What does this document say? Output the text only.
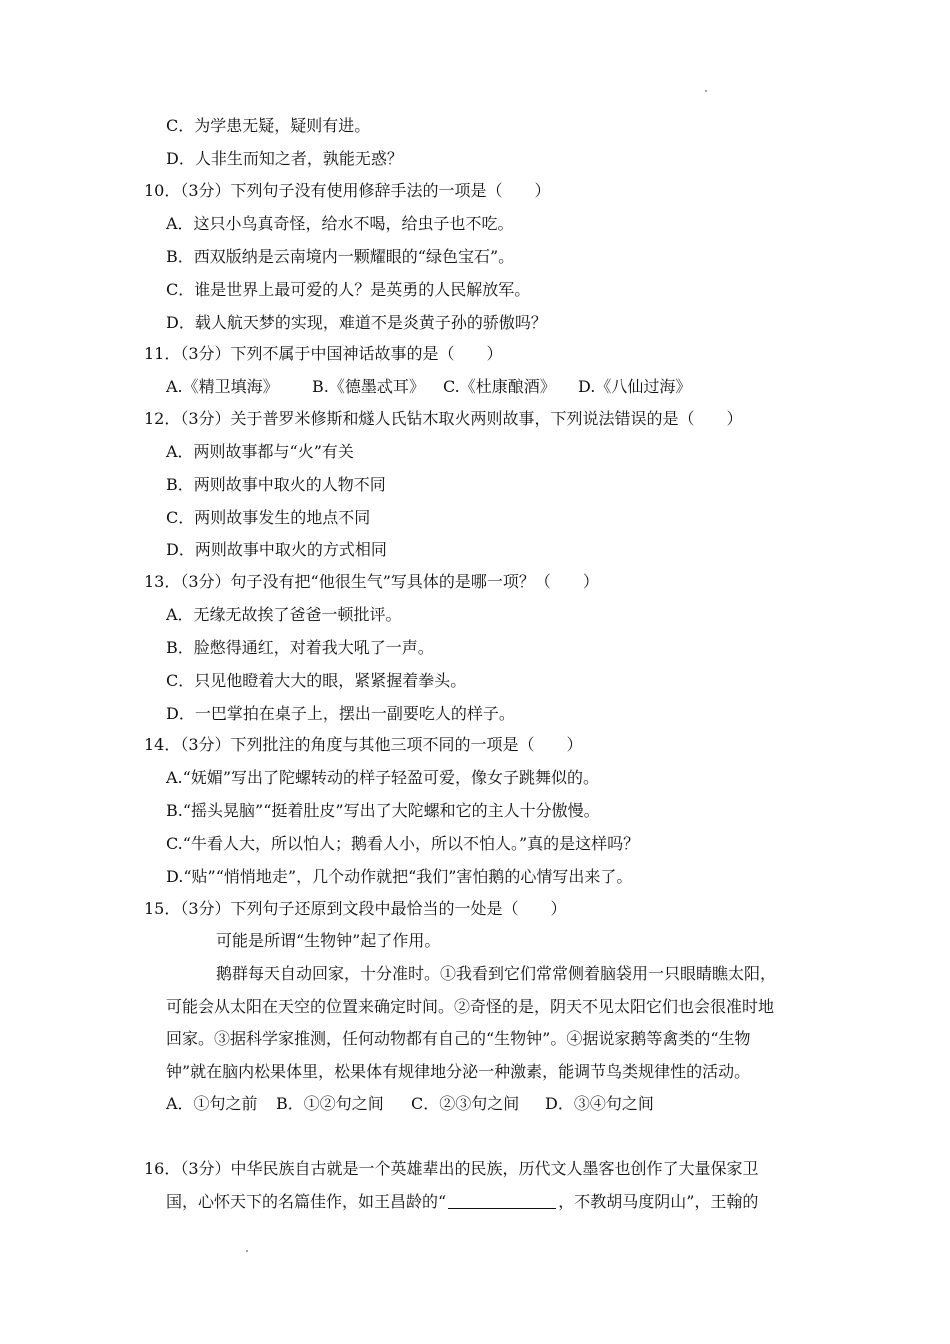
C．为学患无疑，疑则有进。
D．人非生而知之者，孰能无惑？
10．（3分）下列句子没有使用修辞手法的一项是（　　）
A．这只小鸟真奇怪，给水不喝，给虫子也不吃。
B．西双版纳是云南境内一颗耀眼的“绿色宝石”。
C．谁是世界上最可爱的人？是英勇的人民解放军。
D．载人航天梦的实现，难道不是炎黄子孙的骄傲吗？
11．（3分）下列不属于中国神话故事的是（　　）
A.《精卫填海》 B.《德墨忒耳》 C.《杜康酿酒》 D.《八仙过海》
12．（3分）关于普罗米修斯和燧人氏钻木取火两则故事，下列说法错误的是（　　）
A．两则故事都与“火”有关
B．两则故事中取火的人物不同
C．两则故事发生的地点不同
D．两则故事中取火的方式相同
13．（3分）句子没有把“他很生气”写具体的是哪一项？（　　）
A．无缘无故挨了爸爸一顿批评。
B．脸憋得通红，对着我大吼了一声。
C．只见他瞪着大大的眼，紧紧握着拳头。
D．一巴掌拍在桌子上，摆出一副要吃人的样子。
14．（3分）下列批注的角度与其他三项不同的一项是（　　）
A.“妩媚”写出了陀螺转动的样子轻盈可爱，像女子跳舞似的。
B.“摇头晃脑”“挺着肚皮”写出了大陀螺和它的主人十分傲慢。
C.“牛看人大，所以怕人；鹅看人小，所以不怕人。”真的是这样吗？
D.“贴”“悄悄地走”，几个动作就把“我们”害怕鹅的心情写出来了。
15．（3分）下列句子还原到文段中最恰当的一处是（　　）
可能是所谓“生物钟”起了作用。
鹅群每天自动回家，十分准时。①我看到它们常常侧着脑袋用一只眼睛瞧太阳，
可能会从太阳在天空的位置来确定时间。②奇怪的是，阴天不见太阳它们也会很准时地
回家。③据科学家推测，任何动物都有自己的“生物钟”。④据说家鹅等禽类的“生物
钟”就在脑内松果体里，松果体有规律地分泌一种激素，能调节鸟类规律性的活动。
A．①句之前 B．①②句之间 C．②③句之间 D．③④句之间
16．（3分）中华民族自古就是一个英雄辈出的民族，历代文人墨客也创作了大量保家卫
国，心怀天下的名篇佳作，如王昌龄的“	，不教胡马度阴山”，王翰的
